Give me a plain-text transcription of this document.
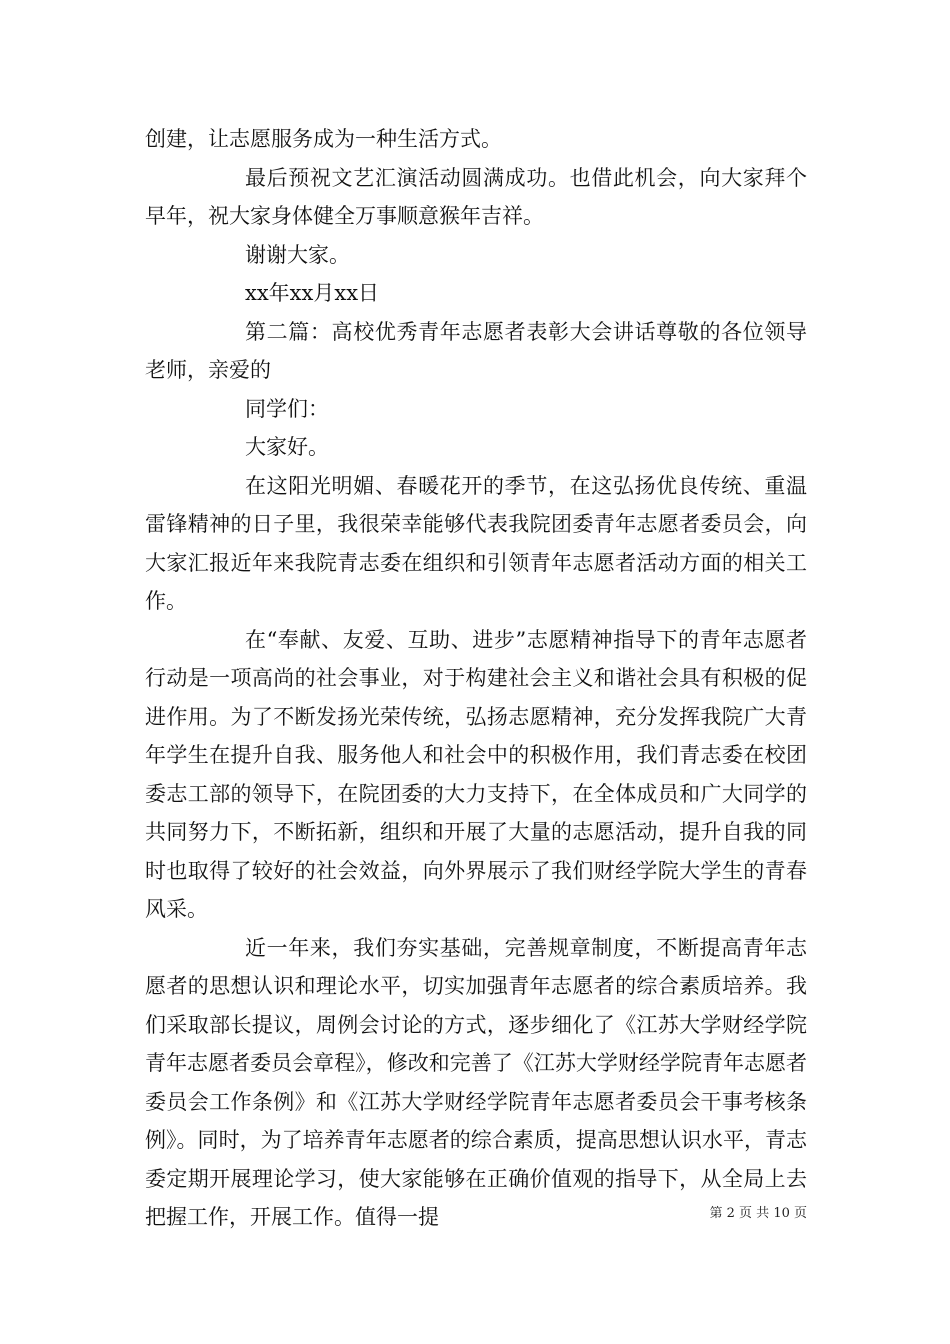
创建，让志愿服务成为一种生活方式。

最后预祝文艺汇演活动圆满成功。也借此机会，向大家拜个早年，祝大家身体健全万事顺意猴年吉祥。

谢谢大家。

xx年xx月xx日

第二篇：高校优秀青年志愿者表彰大会讲话尊敬的各位领导老师，亲爱的

同学们：

大家好。

在这阳光明媚、春暖花开的季节，在这弘扬优良传统、重温雷锋精神的日子里，我很荣幸能够代表我院团委青年志愿者委员会，向大家汇报近年来我院青志委在组织和引领青年志愿者活动方面的相关工作。

在“奉献、友爱、互助、进步”志愿精神指导下的青年志愿者行动是一项高尚的社会事业，对于构建社会主义和谐社会具有积极的促进作用。为了不断发扬光荣传统，弘扬志愿精神，充分发挥我院广大青年学生在提升自我、服务他人和社会中的积极作用，我们青志委在校团委志工部的领导下，在院团委的大力支持下，在全体成员和广大同学的共同努力下，不断拓新，组织和开展了大量的志愿活动，提升自我的同时也取得了较好的社会效益，向外界展示了我们财经学院大学生的青春风采。

近一年来，我们夯实基础，完善规章制度，不断提高青年志愿者的思想认识和理论水平，切实加强青年志愿者的综合素质培养。我们采取部长提议，周例会讨论的方式，逐步细化了《江苏大学财经学院青年志愿者委员会章程》，修改和完善了《江苏大学财经学院青年志愿者委员会工作条例》和《江苏大学财经学院青年志愿者委员会干事考核条例》。同时，为了培养青年志愿者的综合素质，提高思想认识水平，青志委定期开展理论学习，使大家能够在正确价值观的指导下，从全局上去把握工作，开展工作。值得一提	第 2 页 共 10 页
